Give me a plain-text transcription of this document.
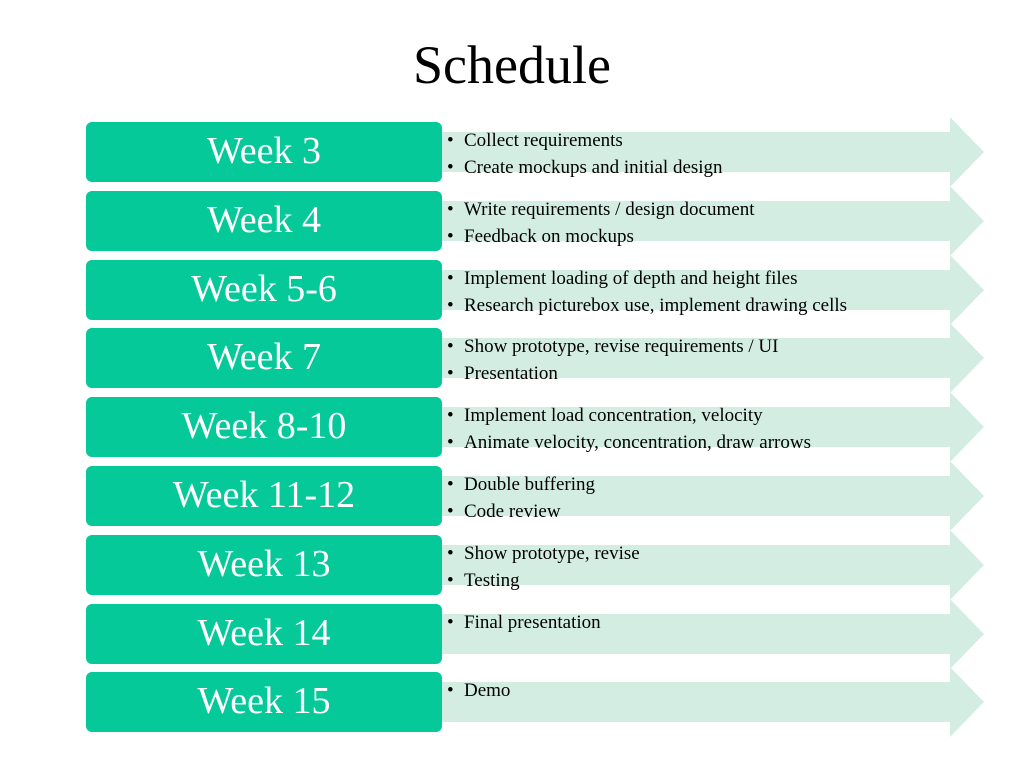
Schedule
Week 3	• Collect requirements
• Create mockups and initial design
Week 4	• Write requirements / design document
• Feedback on mockups
Week 5-6	• Implement loading of depth and height files
• Research picturebox use, implement drawing cells
Week 7	• Show prototype, revise requirements / UI
• Presentation
Week 8-10	• Implement load concentration, velocity
• Animate velocity, concentration, draw arrows
Week 11-12	• Double buffering
• Code review
Week 13	• Show prototype, revise
• Testing
Week 14	• Final presentation
Week 15	• Demo
